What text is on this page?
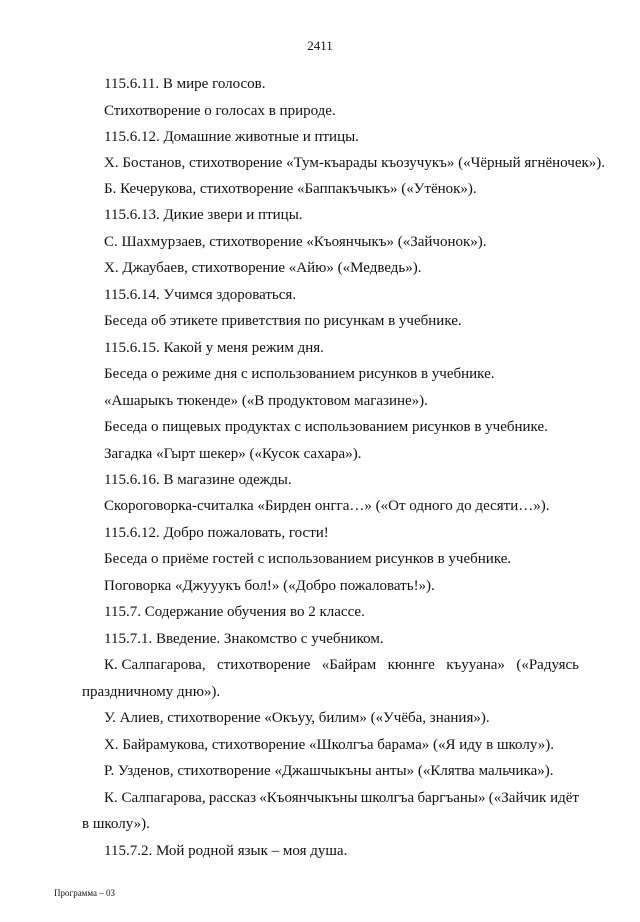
2411
115.6.11. В мире голосов.
Стихотворение о голосах в природе.
115.6.12. Домашние животные и птицы.
Х. Бостанов, стихотворение «Тум-къарады къозучукъ» («Чёрный ягнёночек»).
Б. Кечерукова, стихотворение «Баппакъчыкъ» («Утёнок»).
115.6.13. Дикие звери и птицы.
С. Шахмурзаев, стихотворение «Къоянчыкъ» («Зайчонок»).
Х. Джаубаев, стихотворение «Айю» («Медведь»).
115.6.14. Учимся здороваться.
Беседа об этикете приветствия по рисункам в учебнике.
115.6.15. Какой у меня режим дня.
Беседа о режиме дня с использованием рисунков в учебнике.
«Ашарыкъ тюкенде» («В продуктовом магазине»).
Беседа о пищевых продуктах с использованием рисунков в учебнике.
Загадка «Гырт шекер» («Кусок сахара»).
115.6.16. В магазине одежды.
Скороговорка-считалка «Бирден онгга…» («От одного до десяти…»).
115.6.12. Добро пожаловать, гости!
Беседа о приёме гостей с использованием рисунков в учебнике.
Поговорка «Джууукъ бол!» («Добро пожаловать!»).
115.7. Содержание обучения во 2 классе.
115.7.1. Введение. Знакомство с учебником.
К. Салпагарова, стихотворение «Байрам кюннге къууана» («Радуясь
праздничному дню»).
У. Алиев, стихотворение «Окъуу, билим» («Учёба, знания»).
Х. Байрамукова, стихотворение «Школгъа барама» («Я иду в школу»).
Р. Узденов, стихотворение «Джашчыкъны анты» («Клятва мальчика»).
К. Салпагарова, рассказ «Къоянчыкъны школгъа баргъаны» («Зайчик идёт
в школу»).
115.7.2. Мой родной язык – моя душа.
Программа – 03
